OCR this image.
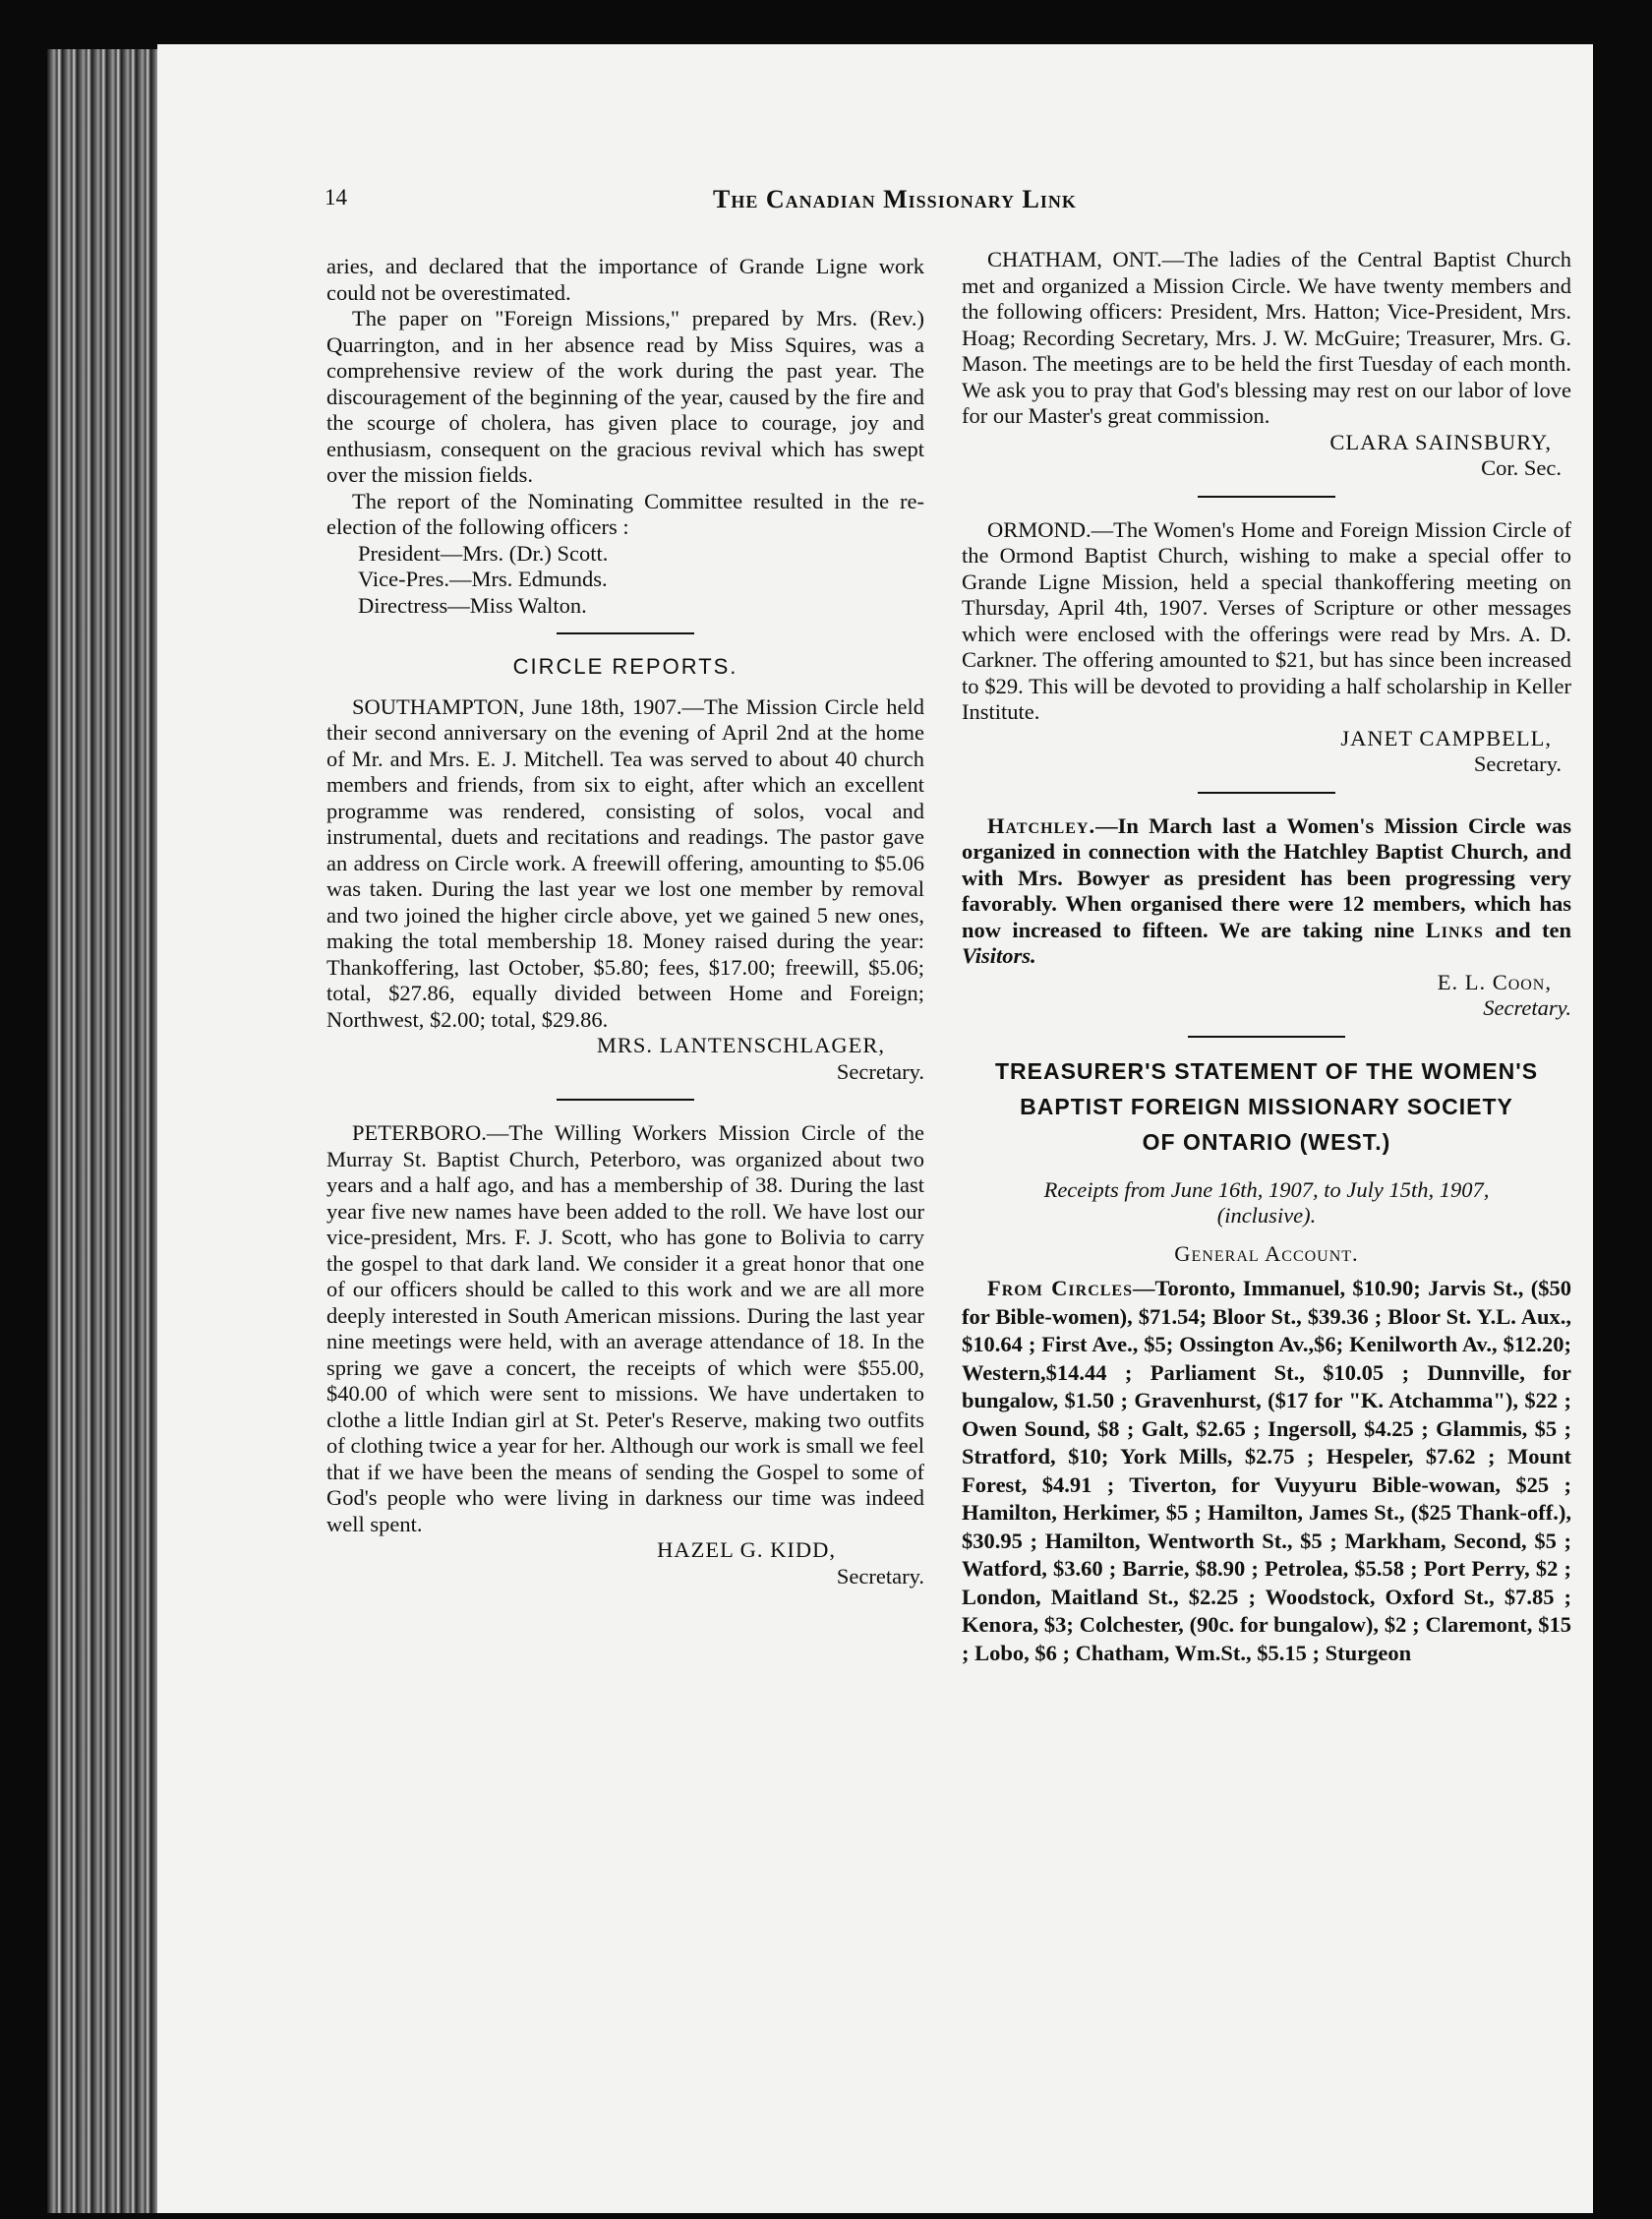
14	The Canadian Missionary Link

aries, and declared that the importance of Grande Ligne work could not be overestimated.

The paper on "Foreign Missions," prepared by Mrs. (Rev.) Quarrington, and in her absence read by Miss Squires, was a comprehensive review of the work during the past year. The discouragement of the beginning of the year, caused by the fire and the scourge of cholera, has given place to courage, joy and enthusiasm, consequent on the gracious revival which has swept over the mission fields.

The report of the Nominating Committee resulted in the re-election of the following officers :

President—Mrs. (Dr.) Scott.
Vice-Pres.—Mrs. Edmunds.
Directress—Miss Walton.
CIRCLE REPORTS.

SOUTHAMPTON, June 18th, 1907.—The Mission Circle held their second anniversary on the evening of April 2nd at the home of Mr. and Mrs. E. J. Mitchell. Tea was served to about 40 church members and friends, from six to eight, after which an excellent programme was rendered, consisting of solos, vocal and instrumental, duets and recitations and readings. The pastor gave an address on Circle work. A freewill offering, amounting to $5.06 was taken. During the last year we lost one member by removal and two joined the higher circle above, yet we gained 5 new ones, making the total membership 18. Money raised during the year: Thankoffering, last October, $5.80; fees, $17.00; freewill, $5.06; total, $27.86, equally divided between Home and Foreign; Northwest, $2.00; total, $29.86.

MRS. LANTENSCHLAGER,
Secretary.

PETERBORO.—The Willing Workers Mission Circle of the Murray St. Baptist Church, Peterboro, was organized about two years and a half ago, and has a membership of 38. During the last year five new names have been added to the roll. We have lost our vice-president, Mrs. F. J. Scott, who has gone to Bolivia to carry the gospel to that dark land. We consider it a great honor that one of our officers should be called to this work and we are all more deeply interested in South American missions. During the last year nine meetings were held, with an average attendance of 18. In the spring we gave a concert, the receipts of which were $55.00, $40.00 of which were sent to missions. We have undertaken to clothe a little Indian girl at St. Peter's Reserve, making two outfits of clothing twice a year for her. Although our work is small we feel that if we have been the means of sending the Gospel to some of God's people who were living in darkness our time was indeed well spent.

HAZEL G. KIDD,
Secretary.

CHATHAM, ONT.—The ladies of the Central Baptist Church met and organized a Mission Circle. We have twenty members and the following officers: President, Mrs. Hatton; Vice-President, Mrs. Hoag; Recording Secretary, Mrs. J. W. McGuire; Treasurer, Mrs. G. Mason. The meetings are to be held the first Tuesday of each month. We ask you to pray that God's blessing may rest on our labor of love for our Master's great commission.

CLARA SAINSBURY,
Cor. Sec.

ORMOND.—The Women's Home and Foreign Mission Circle of the Ormond Baptist Church, wishing to make a special offer to Grande Ligne Mission, held a special thankoffering meeting on Thursday, April 4th, 1907. Verses of Scripture or other messages which were enclosed with the offerings were read by Mrs. A. D. Carkner. The offering amounted to $21, but has since been increased to $29. This will be devoted to providing a half scholarship in Keller Institute.

JANET CAMPBELL,
Secretary.

Hatchley.—In March last a Women's Mission Circle was organized in connection with the Hatchley Baptist Church, and with Mrs. Bowyer as president has been progressing very favorably. When organised there were 12 members, which has now increased to fifteen. We are taking nine Links and ten Visitors.

E. L. Coon,
Secretary.
TREASURER'S STATEMENT OF THE WOMEN'S
BAPTIST FOREIGN MISSIONARY SOCIETY
OF ONTARIO (WEST.)
Receipts from June 16th, 1907, to July 15th, 1907,
(inclusive).
General Account.

From Circles—Toronto, Immanuel, $10.90; Jarvis St., ($50 for Bible-women), $71.54; Bloor St., $39.36 ; Bloor St. Y.L. Aux., $10.64 ; First Ave., $5; Ossington Av.,$6; Kenilworth Av., $12.20; Western,$14.44 ; Parliament St., $10.05 ; Dunnville, for bungalow, $1.50 ; Gravenhurst, ($17 for "K. Atchamma"), $22 ; Owen Sound, $8 ; Galt, $2.65 ; Ingersoll, $4.25 ; Glammis, $5 ; Stratford, $10; York Mills, $2.75 ; Hespeler, $7.62 ; Mount Forest, $4.91 ; Tiverton, for Vuyyuru Bible-wowan, $25 ; Hamilton, Herkimer, $5 ; Hamilton, James St., ($25 Thank-off.), $30.95 ; Hamilton, Wentworth St., $5 ; Markham, Second, $5 ; Watford, $3.60 ; Barrie, $8.90 ; Petrolea, $5.58 ; Port Perry, $2 ; London, Maitland St., $2.25 ; Woodstock, Oxford St., $7.85 ; Kenora, $3; Colchester, (90c. for bungalow), $2 ; Claremont, $15 ; Lobo, $6 ; Chatham, Wm.St., $5.15 ; Sturgeon
